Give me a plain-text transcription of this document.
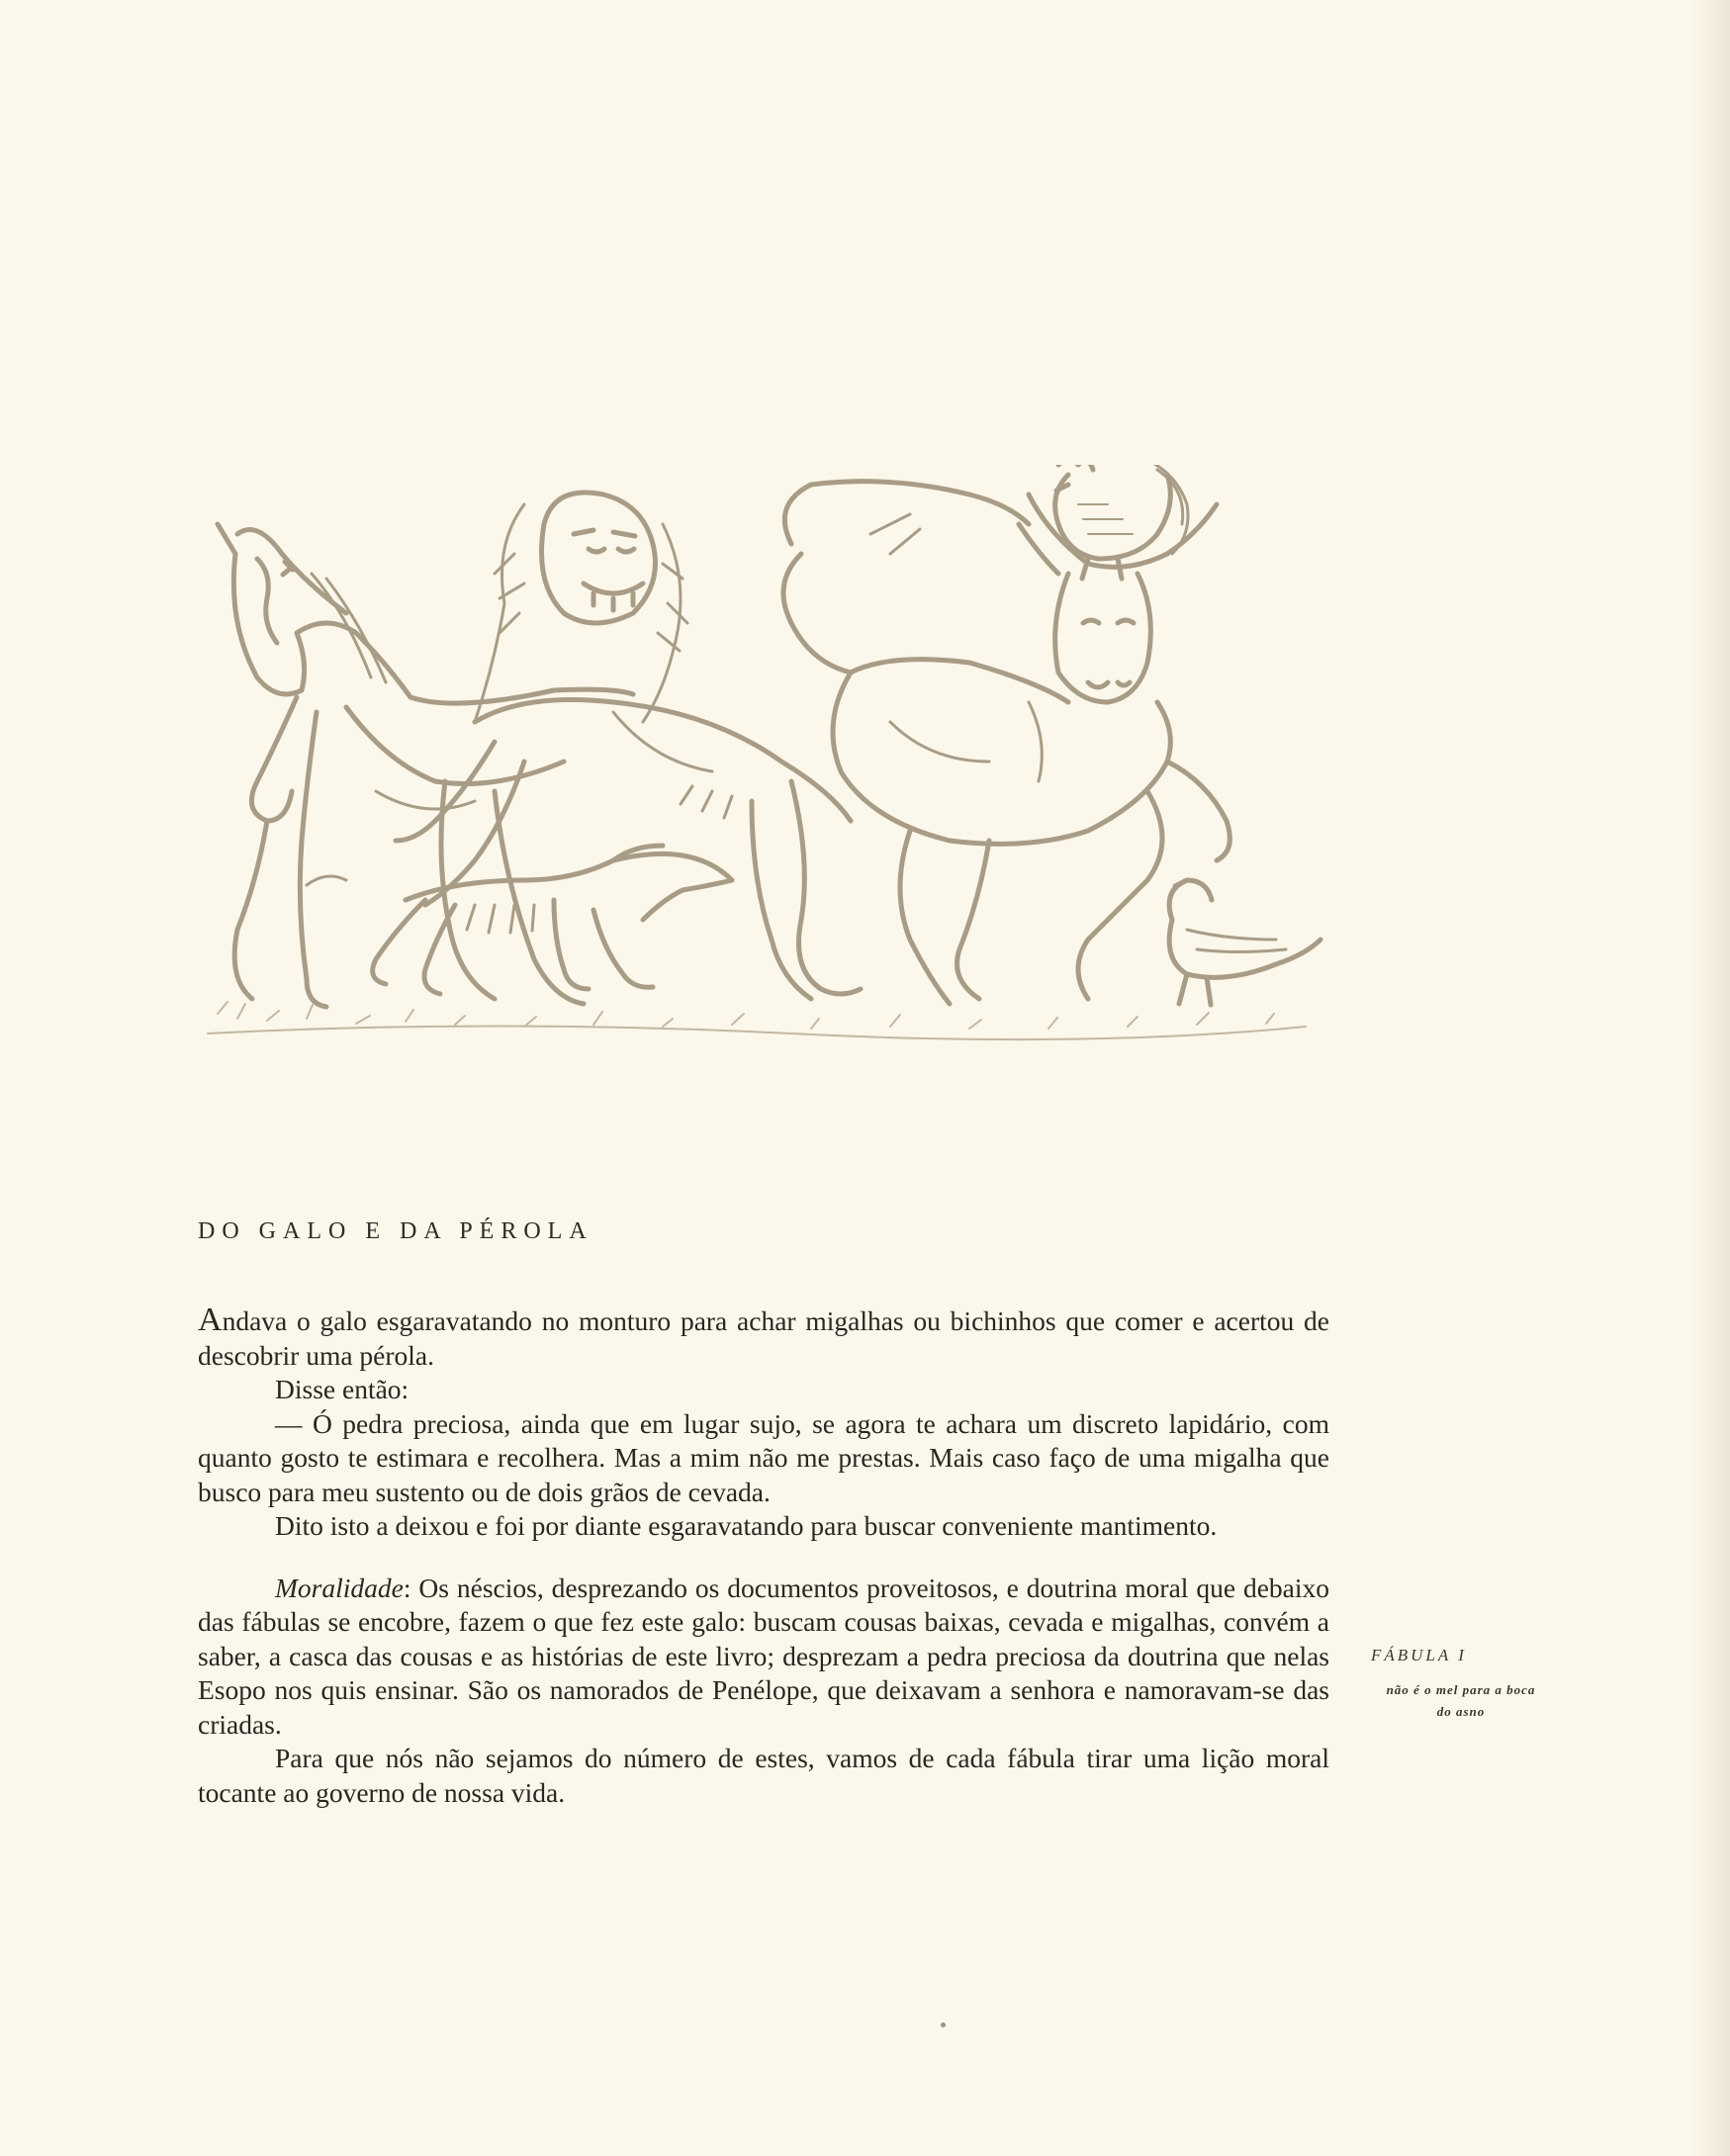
DO GALO E DA PÉROLA

Andava o galo esgaravatando no monturo para achar migalhas ou bichinhos que comer e acertou de descobrir uma pérola.

Disse então:

— Ó pedra preciosa, ainda que em lugar sujo, se agora te achara um discreto lapidário, com quanto gosto te estimara e recolhera. Mas a mim não me prestas. Mais caso faço de uma migalha que busco para meu sustento ou de dois grãos de cevada.

Dito isto a deixou e foi por diante esgaravatando para buscar conveniente mantimento.

Moralidade: Os néscios, desprezando os documentos proveitosos, e doutrina moral que debaixo das fábulas se encobre, fazem o que fez este galo: buscam cousas baixas, cevada e migalhas, convém a saber, a casca das cousas e as histórias de este livro; desprezam a pedra preciosa da doutrina que nelas Esopo nos quis ensinar. São os namorados de Penélope, que deixavam a senhora e namoravam-se das criadas.

Para que nós não sejamos do número de estes, vamos de cada fábula tirar uma lição moral tocante ao governo de nossa vida.

FÁBULA I
não é o mel para a boca do asno
